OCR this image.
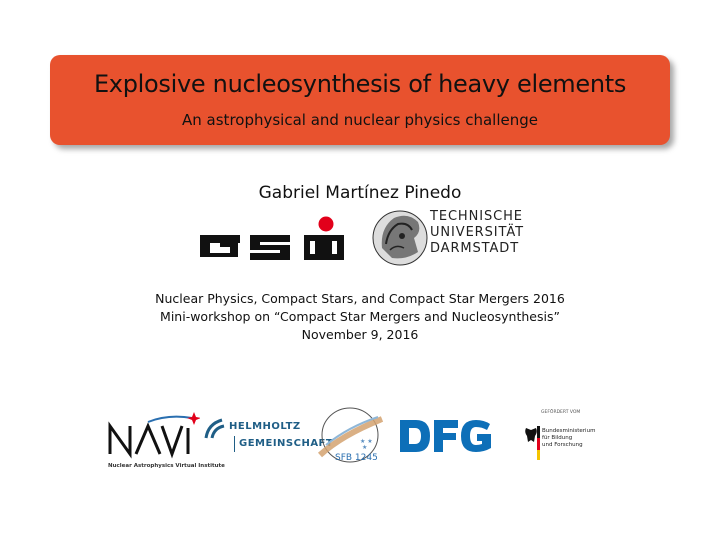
Explosive nucleosynthesis of heavy elements
An astrophysical and nuclear physics challenge
Gabriel Martínez Pinedo
TECHNISCHE
UNIVERSITÄT
DARMSTADT
Nuclear Physics, Compact Stars, and Compact Star Mergers 2016
Mini-workshop on “Compact Star Mergers and Nucleosynthesis”
November 9, 2016
Nuclear Astrophysics Virtual Institute
HELMHOLTZ
GEMEINSCHAFT	★ ★
★
SFB 1245
GEFÖRDERT VOM
Bundesministerium
für Bildung
und Forschung
